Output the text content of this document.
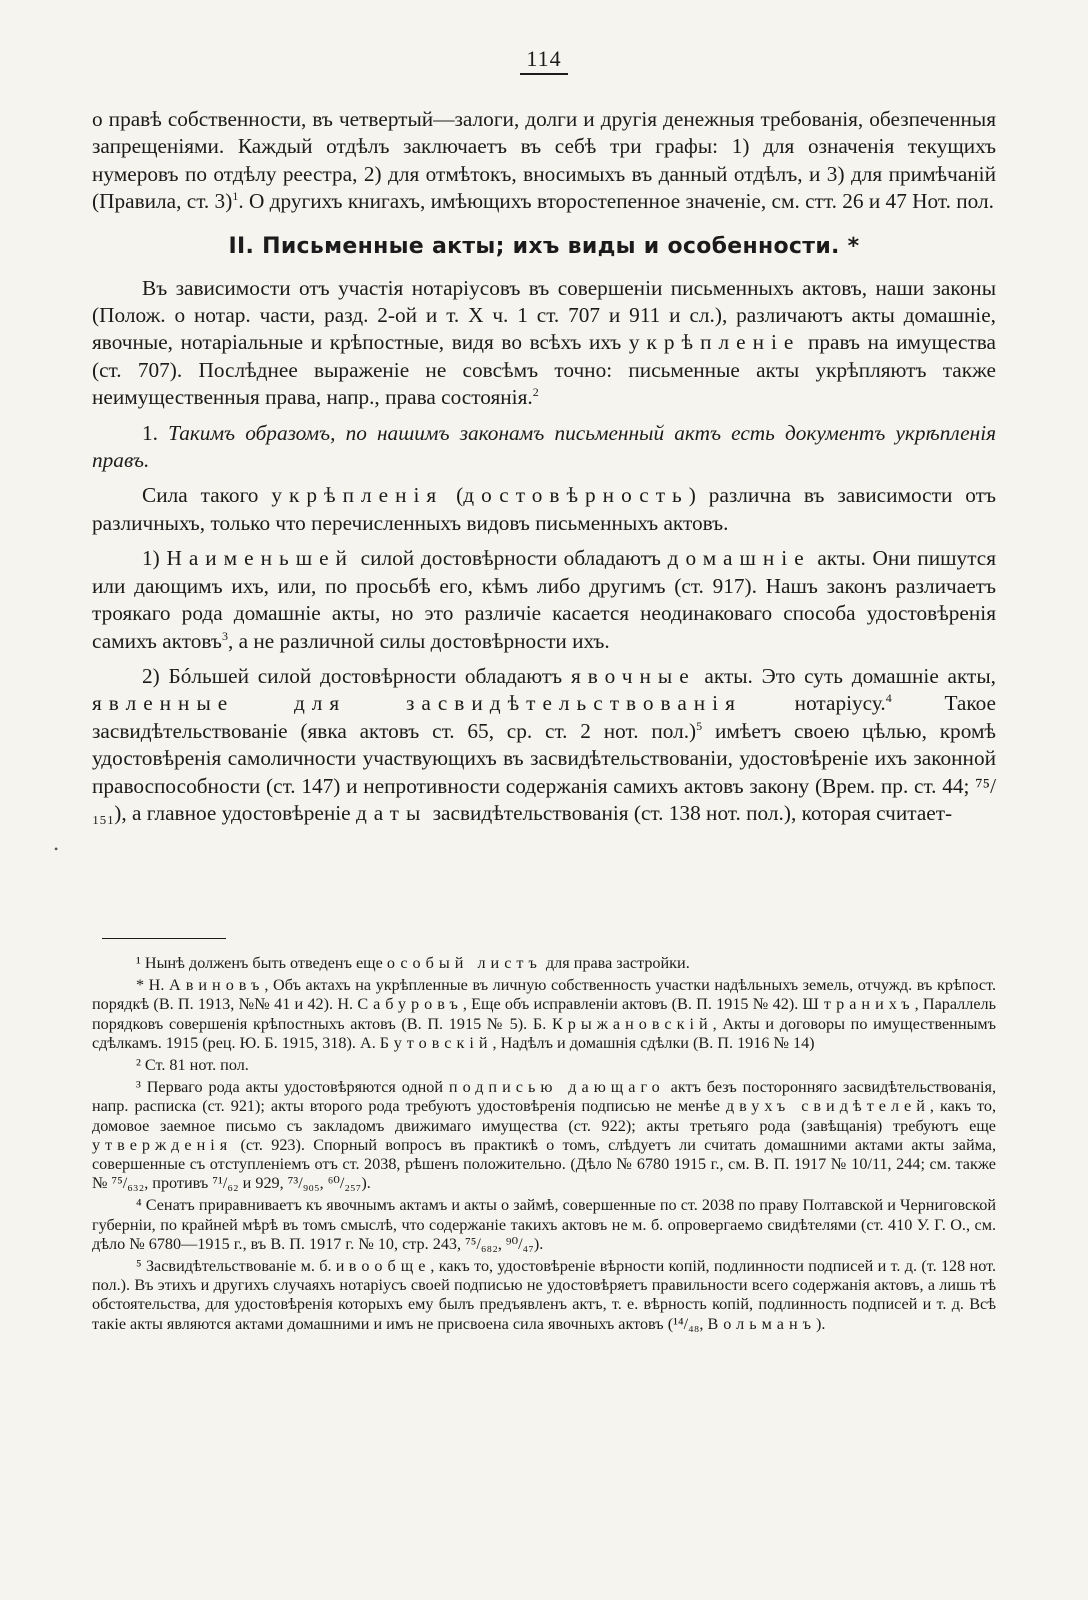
114

о правѣ собственности, въ четвертый—залоги, долги и другія денежныя требованія, обезпеченныя запрещеніями. Каждый отдѣлъ заключаетъ въ себѣ три графы: 1) для означенія текущихъ нумеровъ по отдѣлу реестра, 2) для отмѣтокъ, вносимыхъ въ данный отдѣлъ, и 3) для примѣчаній (Правила, ст. 3)$^1$. О другихъ книгахъ, имѣющихъ второстепенное значеніе, см. стт. 26 и 47 Нот. пол.

II. Письменные акты; ихъ виды и особенности. *

Въ зависимости отъ участія нотаріусовъ въ совершеніи письменныхъ актовъ, наши законы (Полож. о нотар. части, разд. 2-ой и т. X ч. 1 ст. 707 и 911 и сл.), различаютъ акты домашніе, явочные, нотаріальные и крѣпостные, видя во всѣхъ ихъ укрѣпленіе правъ на имущества (ст. 707). Послѣднее выраженіе не совсѣмъ точно: письменные акты укрѣпляютъ также неимущественныя права, напр., права состоянія.$^2$

1. Такимъ образомъ, по нашимъ законамъ письменный актъ есть документъ укрѣпленія правъ.

Сила такого укрѣпленія (достовѣрность) различна въ зависимости отъ различныхъ, только что перечисленныхъ видовъ письменныхъ актовъ.

1) Наименьшей силой достовѣрности обладаютъ домашніе акты. Они пишутся или дающимъ ихъ, или, по просьбѣ его, кѣмъ либо другимъ (ст. 917). Нашъ законъ различаетъ троякаго рода домашніе акты, но это различіе касается неодинаковаго способа удостовѣренія самихъ актовъ$^3$, а не различной силы достовѣрности ихъ.

2) Бóльшей силой достовѣрности обладаютъ явочные акты. Это суть домашніе акты, явленные для засвидѣтельствованія нотаріусу.$^4$ Такое засвидѣтельствованіе (явка актовъ ст. 65, ср. ст. 2 нот. пол.)$^5$ имѣетъ своею цѣлью, кромѣ удостовѣренія самоличности участвующихъ въ засвидѣтельствованіи, удостовѣреніе ихъ законной правоспособности (ст. 147) и непротивности содержанія самихъ актовъ закону (Врем. пр. ст. 44; ⁷⁵/₁₅₁), а главное удостовѣреніе даты засвидѣтельствованія (ст. 138 нот. пол.), которая считает-

¹ Нынѣ долженъ быть отведенъ еще особый листъ для права застройки.

* Н. Авиновъ, Объ актахъ на укрѣпленные въ личную собственность участки надѣльныхъ земель, отчужд. въ крѣпост. порядкѣ (В. П. 1913, №№ 41 и 42). Н. Сабуровъ, Еще объ исправленіи актовъ (В. П. 1915 № 42). Штранихъ, Параллель порядковъ совершенія крѣпостныхъ актовъ (В. П. 1915 № 5). Б. Крыжановскій, Акты и договоры по имущественнымъ сдѣлкамъ. 1915 (рец. Ю. Б. 1915, 318). А. Бутовскій, Надѣлъ и домашнія сдѣлки (В. П. 1916 № 14)

² Ст. 81 нот. пол.

³ Перваго рода акты удостовѣряются одной подписью дающаго актъ безъ посторонняго засвидѣтельствованія, напр. расписка (ст. 921); акты второго рода требуютъ удостовѣренія подписью не менѣе двухъ свидѣтелей, какъ то, домовое заемное письмо съ закладомъ движимаго имущества (ст. 922); акты третьяго рода (завѣщанія) требуютъ еще утвержденія (ст. 923). Спорный вопросъ въ практикѣ о томъ, слѣдуетъ ли считать домашними актами акты займа, совершенные съ отступленіемъ отъ ст. 2038, рѣшенъ положительно. (Дѣло № 6780 1915 г., см. В. П. 1917 № 10/11, 244; см. также № ⁷⁵/₆₃₂, противъ ⁷¹/₆₂ и 929, ⁷³/₉₀₅, ⁶⁰/₂₅₇).

⁴ Сенатъ приравниваетъ къ явочнымъ актамъ и акты о займѣ, совершенные по ст. 2038 по праву Полтавской и Черниговской губерніи, по крайней мѣрѣ въ томъ смыслѣ, что содержаніе такихъ актовъ не м. б. опровергаемо свидѣтелями (ст. 410 У. Г. О., см. дѣло № 6780—1915 г., въ В. П. 1917 г. № 10, стр. 243, ⁷⁵/₆₈₂, ⁹⁰/₄₇).

⁵ Засвидѣтельствованіе м. б. и вообще, какъ то, удостовѣреніе вѣрности копій, подлинности подписей и т. д. (т. 128 нот. пол.). Въ этихъ и другихъ случаяхъ нотаріусъ своей подписью не удостовѣряетъ правильности всего содержанія актовъ, а лишь тѣ обстоятельства, для удостовѣренія которыхъ ему былъ предъявленъ актъ, т. е. вѣрность копій, подлинность подписей и т. д. Всѣ такіе акты являются актами домашними и имъ не присвоена сила явочныхъ актовъ (¹⁴/₄₈, Вольманъ).

•
